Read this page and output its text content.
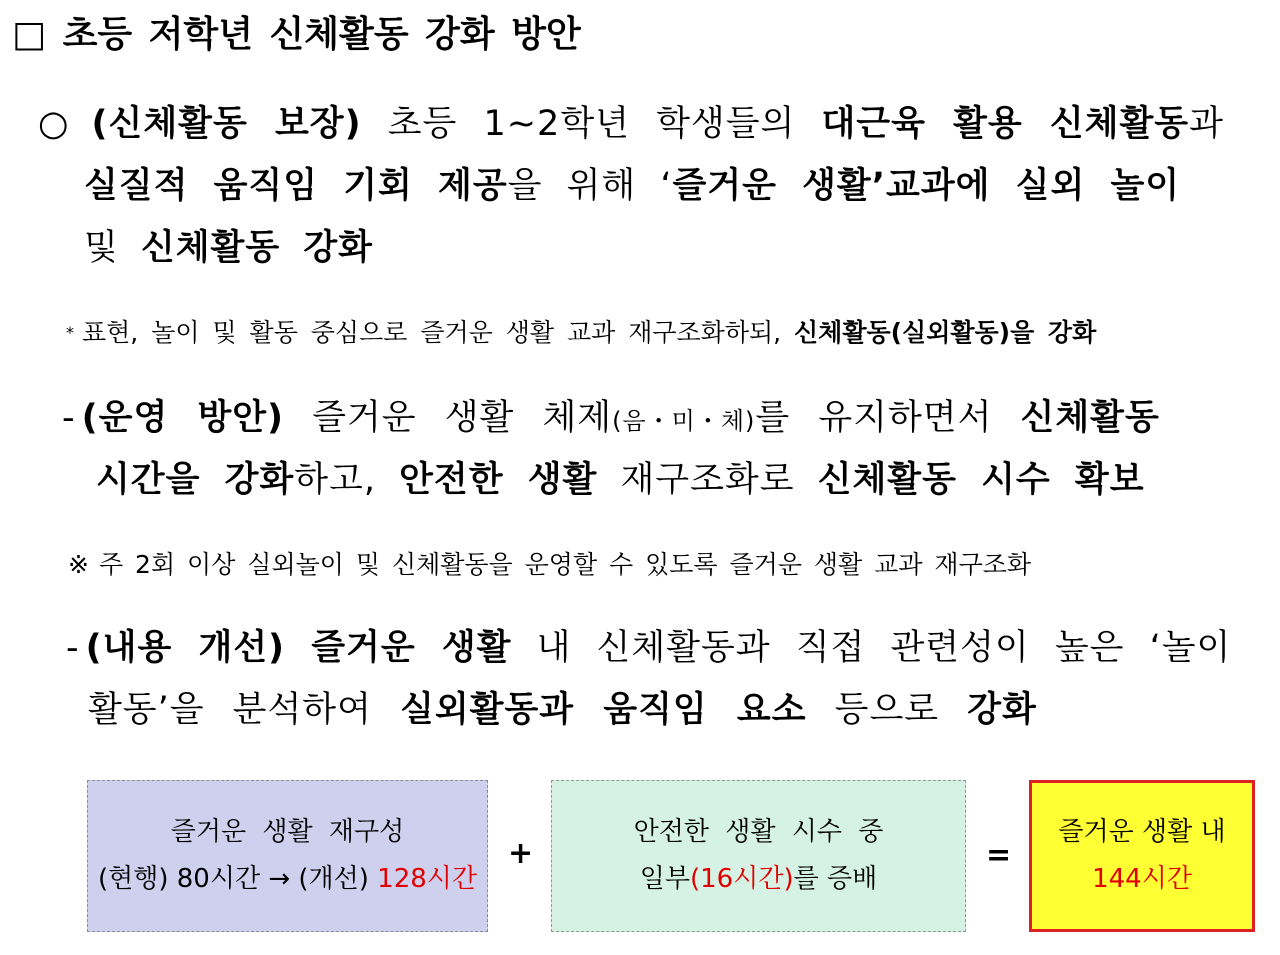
□ 초등 저학년 신체활동 강화 방안
○ (신체활동 보장) 초등 1~2학년 학생들의 대근육 활용 신체활동과
실질적 움직임 기회 제공을 위해 ‘즐거운 생활’교과에 실외 놀이
및 신체활동 강화
* 표현, 놀이 및 활동 중심으로 즐거운 생활 교과 재구조화하되, 신체활동(실외활동)을 강화
- (운영 방안) 즐거운 생활 체제(음・미・체)를 유지하면서 신체활동
시간을 강화하고, 안전한 생활 재구조화로 신체활동 시수 확보
※ 주 2회 이상 실외놀이 및 신체활동을 운영할 수 있도록 즐거운 생활 교과 재구조화
- (내용 개선) 즐거운 생활 내 신체활동과 직접 관련성이 높은 ‘놀이
활동’을 분석하여 실외활동과 움직임 요소 등으로 강화
즐거운 생활 재구성
(현행) 80시간 → (개선) 128시간
+
안전한 생활 시수 중
일부(16시간)를 증배
=
즐거운 생활 내
144시간
